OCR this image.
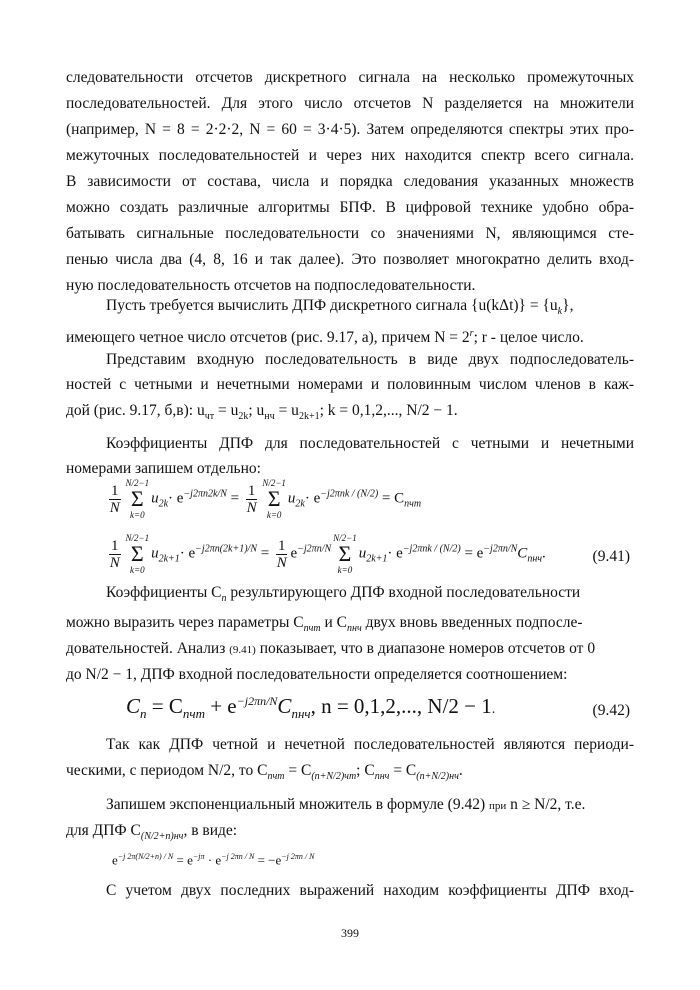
следовательности отсчетов дискретного сигнала на несколько промежуточных
последовательностей. Для этого число отсчетов N разделяется на множители
(например, N = 8 = 2·2·2, N = 60 = 3·4·5). Затем определяются спектры этих про-
межуточных последовательностей и через них находится спектр всего сигнала.
В зависимости от состава, числа и порядка следования указанных множеств
можно создать различные алгоритмы БПФ. В цифровой технике удобно обра-
батывать сигнальные последовательности со значениями N, являющимся сте-
пенью числа два (4, 8, 16 и так далее). Это позволяет многократно делить вход-
ную последовательность отсчетов на подпоследовательности.
Пусть требуется вычислить ДПФ дискретного сигнала $\{u(k\Delta t)\} = \{u_k\}$,
имеющего четное число отсчетов (рис. 9.17, а), причем $N = 2^r$; r - целое число.
Представим входную последовательность в виде двух подпоследователь-
ностей с четными и нечетными номерами и половинным числом членов в каж-
дой (рис. 9.17, б,в): $u_{чт} = u_{2k}$; $u_{нч} = u_{2k+1}$; k = 0,1,2,..., N/2 − 1.
Коэффициенты ДПФ для последовательностей с четными и нечетными
номерами запишем отдельно:
$\frac{1}{N} N/2-1$
Σ
k=0
$u_{2k}\cdot e^{-j2\pi n2k/N} = \frac{1}{N} N/2-1$
Σ
k=0
$u_{2k}\cdot e^{-j2\pi nk / (N/2)} = C_{nчт}$
$\frac{1}{N} N/2-1$
Σ
k=0
$u_{2k+1}\cdot e^{-j2\pi n(2k+1)/N} = \frac{1}{N} e^{-j2\pi n/N}$
N/2−1
Σ
k=0
$u_{2k+1}\cdot e^{-j2\pi nk / (N/2)} = e^{-j2\pi n/N}C_{nнч}$.	(9.41)
Коэффициенты $C_n$ результирующего ДПФ входной последовательности
можно выразить через параметры $C_{nчт}$ и $C_{nнч}$ двух вновь введенных подпосле-
довательностей. Анализ (9.41) показывает, что в диапазоне номеров отсчетов от 0
до N/2 − 1, ДПФ входной последовательности определяется соотношением:
$C_n = C_{nчт} + e^{-j2\pi n/N}C_{nнч}$, n = 0,1,2,..., N/2 − 1.	(9.42)
Так как ДПФ четной и нечетной последовательностей являются периоди-
ческими, с периодом N/2, то $C_{nчт} = C_{(n+N/2)чт}$; $C_{nнч} = C_{(n+N/2)нч}$.
Запишем экспоненциальный множитель в формуле (9.42) при n ≥ N/2, т.е.
для ДПФ $C_{(N/2+n)нч}$, в виде:
$e^{-j 2\pi(N/2+n) / N} = e^{-j\pi} \cdot e^{-j 2\pi n / N} = -e^{-j 2\pi n / N}$
С учетом двух последних выражений находим коэффициенты ДПФ вход-
399
